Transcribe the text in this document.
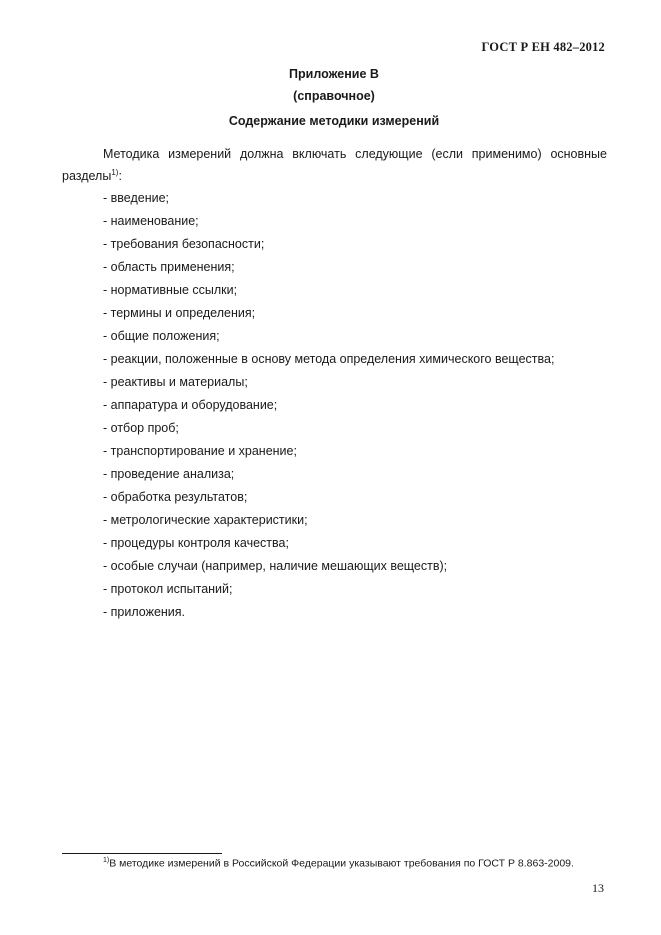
ГОСТ Р ЕН 482–2012
Приложение В
(справочное)
Содержание методики измерений
Методика измерений должна включать следующие (если применимо) основные
разделы$^{1)}$:
- введение;
- наименование;
- требования безопасности;
- область применения;
- нормативные ссылки;
- термины и определения;
- общие положения;
- реакции, положенные в основу метода определения химического вещества;
- реактивы и материалы;
- аппаратура и оборудование;
- отбор проб;
- транспортирование и хранение;
- проведение анализа;
- обработка результатов;
- метрологические характеристики;
- процедуры контроля качества;
- особые случаи (например, наличие мешающих веществ);
- протокол испытаний;
- приложения.
$^{1)}$В методике измерений в Российской Федерации указывают требования по ГОСТ Р 8.863-2009.
13
